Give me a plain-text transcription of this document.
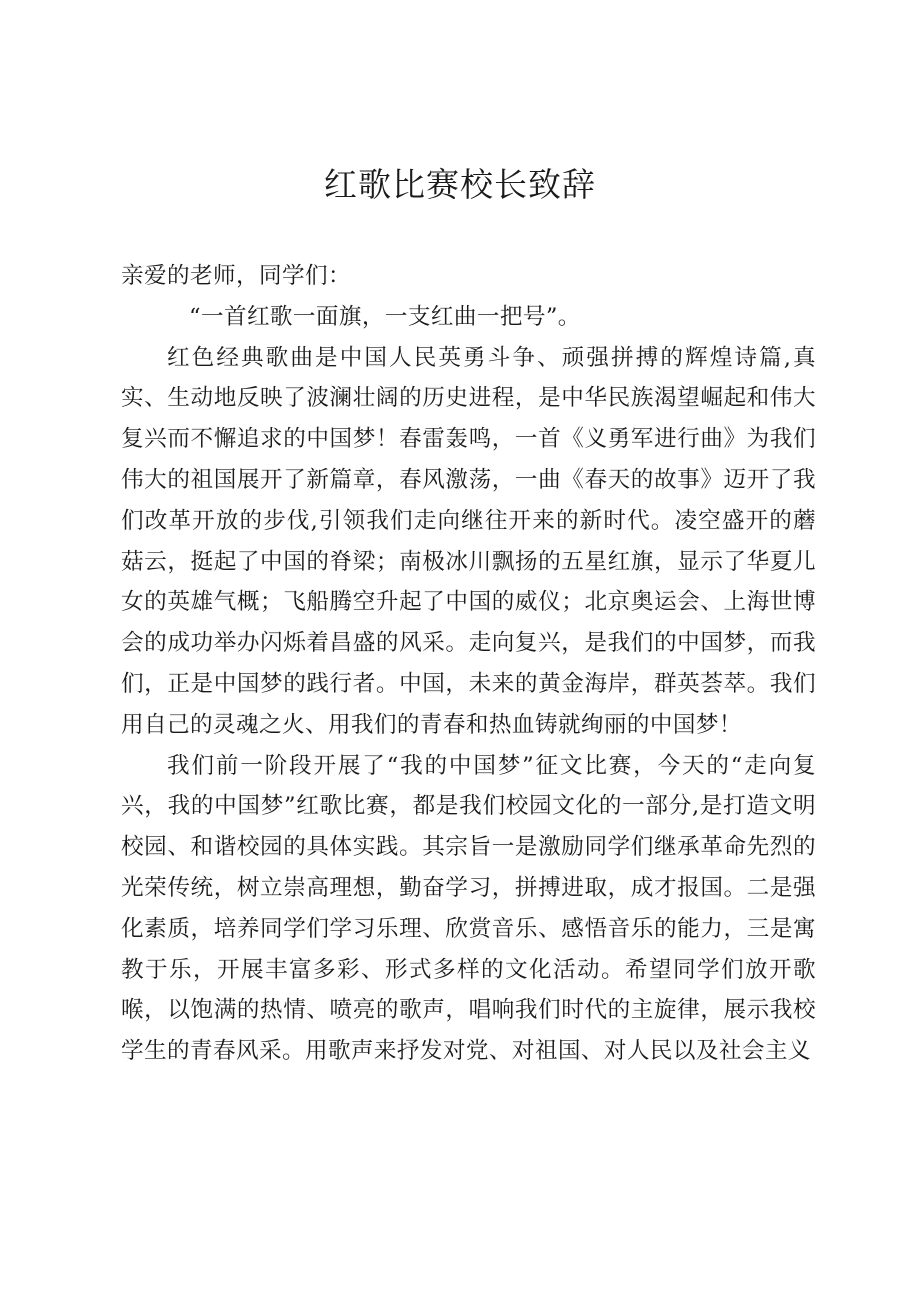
红歌比赛校长致辞

亲爱的老师，同学们：

“一首红歌一面旗，一支红曲一把号”。

红色经典歌曲是中国人民英勇斗争、顽强拼搏的辉煌诗篇,真实、生动地反映了波澜壮阔的历史进程，是中华民族渴望崛起和伟大复兴而不懈追求的中国梦！春雷轰鸣，一首《义勇军进行曲》为我们伟大的祖国展开了新篇章，春风激荡，一曲《春天的故事》迈开了我们改革开放的步伐,引领我们走向继往开来的新时代。凌空盛开的蘑菇云，挺起了中国的脊梁；南极冰川飘扬的五星红旗，显示了华夏儿女的英雄气概；飞船腾空升起了中国的威仪；北京奥运会、上海世博会的成功举办闪烁着昌盛的风采。走向复兴，是我们的中国梦，而我们，正是中国梦的践行者。中国，未来的黄金海岸，群英荟萃。我们用自己的灵魂之火、用我们的青春和热血铸就绚丽的中国梦！

我们前一阶段开展了“我的中国梦”征文比赛，今天的“走向复兴，我的中国梦”红歌比赛，都是我们校园文化的一部分,是打造文明校园、和谐校园的具体实践。其宗旨一是激励同学们继承革命先烈的光荣传统，树立崇高理想，勤奋学习，拼搏进取，成才报国。二是强化素质，培养同学们学习乐理、欣赏音乐、感悟音乐的能力，三是寓教于乐，开展丰富多彩、形式多样的文化活动。希望同学们放开歌喉，以饱满的热情、喷亮的歌声，唱响我们时代的主旋律，展示我校学生的青春风采。用歌声来抒发对党、对祖国、对人民以及社会主义
